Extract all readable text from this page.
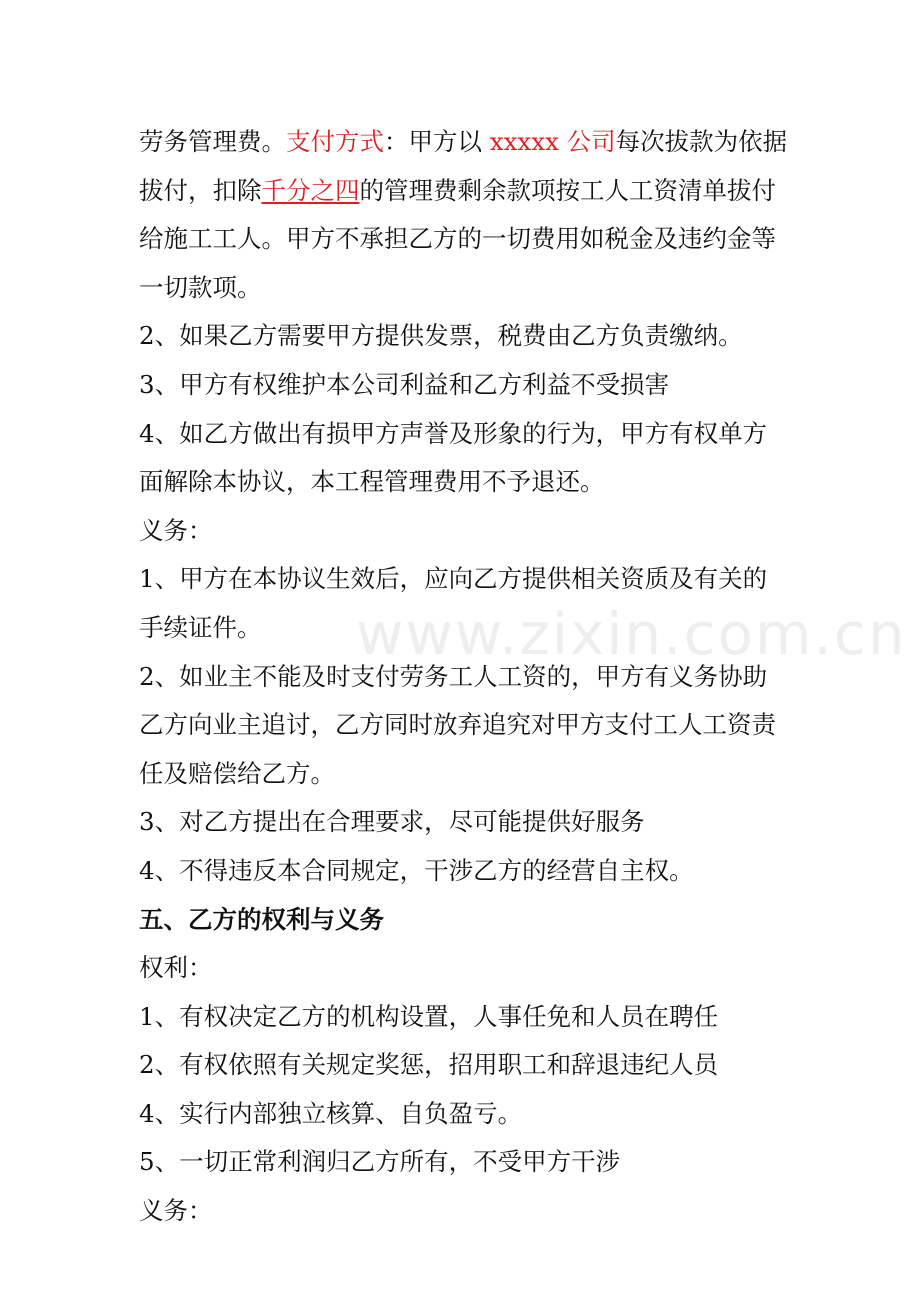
www.zixin.com.cn
劳务管理费。支付方式：甲方以 xxxxx 公司每次拔款为依据
拔付，扣除千分之四的管理费剩余款项按工人工资清单拔付
给施工工人。甲方不承担乙方的一切费用如税金及违约金等
一切款项。
2、如果乙方需要甲方提供发票，税费由乙方负责缴纳。
3、甲方有权维护本公司利益和乙方利益不受损害
4、如乙方做出有损甲方声誉及形象的行为，甲方有权单方
面解除本协议，本工程管理费用不予退还。
义务：
1、甲方在本协议生效后，应向乙方提供相关资质及有关的
手续证件。
2、如业主不能及时支付劳务工人工资的，甲方有义务协助
乙方向业主追讨，乙方同时放弃追究对甲方支付工人工资责
任及赔偿给乙方。
3、对乙方提出在合理要求，尽可能提供好服务
4、不得违反本合同规定，干涉乙方的经营自主权。
五、乙方的权利与义务
权利：
1、有权决定乙方的机构设置，人事任免和人员在聘任
2、有权依照有关规定奖惩，招用职工和辞退违纪人员
4、实行内部独立核算、自负盈亏。
5、一切正常利润归乙方所有，不受甲方干涉
义务：
